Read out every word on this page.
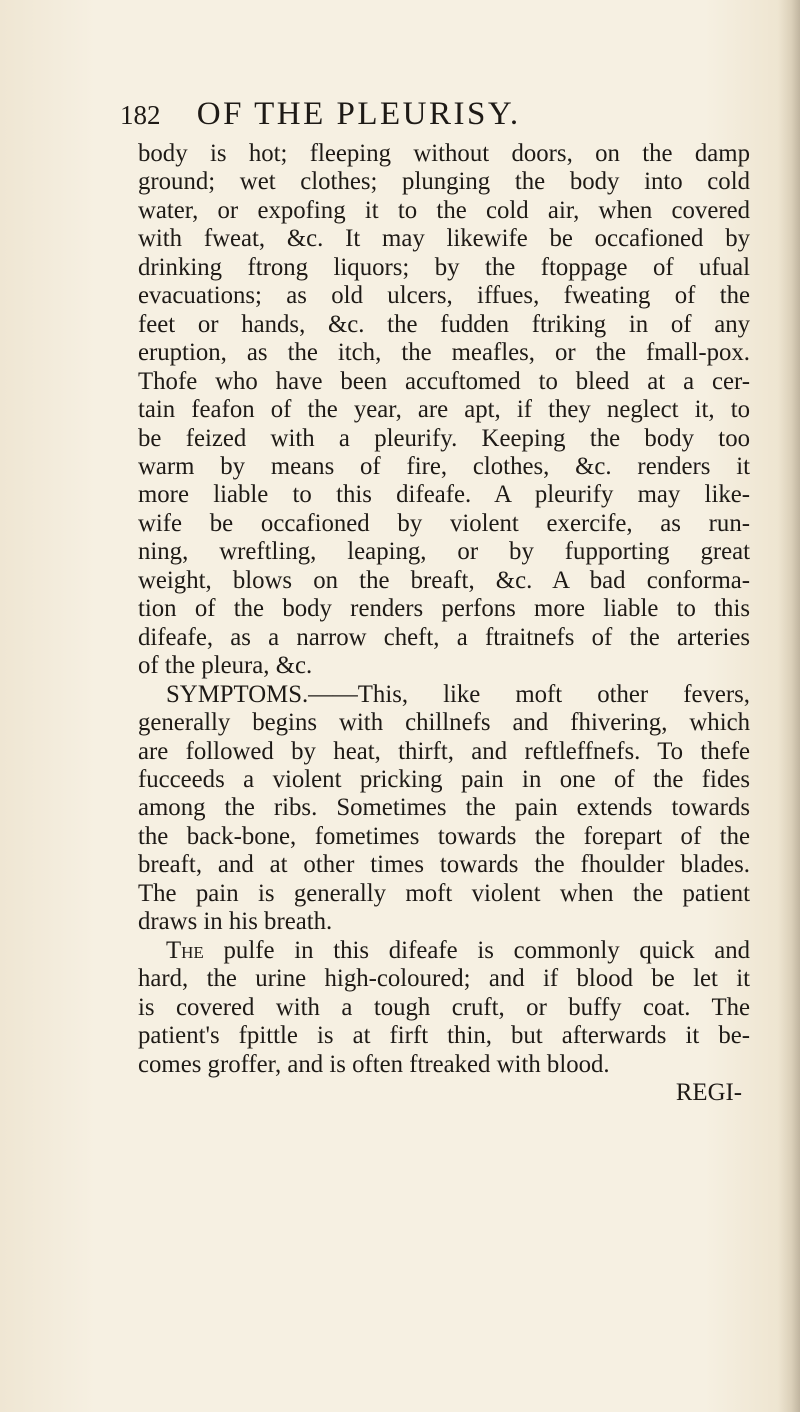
182 OF THE PLEURISY.

body is hot; fleeping without doors, on the damp
ground; wet clothes; plunging the body into cold
water, or expofing it to the cold air, when covered
with fweat, &c. It may likewife be occafioned by
drinking ftrong liquors; by the ftoppage of ufual
evacuations; as old ulcers, iffues, fweating of the
feet or hands, &c. the fudden ftriking in of any
eruption, as the itch, the meafles, or the fmall-pox.
Thofe who have been accuftomed to bleed at a cer-
tain feafon of the year, are apt, if they neglect it, to
be feized with a pleurify. Keeping the body too
warm by means of fire, clothes, &c. renders it
more liable to this difeafe. A pleurify may like-
wife be occafioned by violent exercife, as run-
ning, wreftling, leaping, or by fupporting great
weight, blows on the breaft, &c. A bad conforma-
tion of the body renders perfons more liable to this
difeafe, as a narrow cheft, a ftraitnefs of the arteries
of the pleura, &c.

SYMPTOMS.——This, like moft other fevers,
generally begins with chillnefs and fhivering, which
are followed by heat, thirft, and reftleffnefs. To thefe
fucceeds a violent pricking pain in one of the fides
among the ribs. Sometimes the pain extends towards
the back-bone, fometimes towards the forepart of the
breaft, and at other times towards the fhoulder blades.
The pain is generally moft violent when the patient
draws in his breath.

The pulfe in this difeafe is commonly quick and
hard, the urine high-coloured; and if blood be let it
is covered with a tough cruft, or buffy coat. The
patient's fpittle is at firft thin, but afterwards it be-
comes groffer, and is often ftreaked with blood.

REGI-
